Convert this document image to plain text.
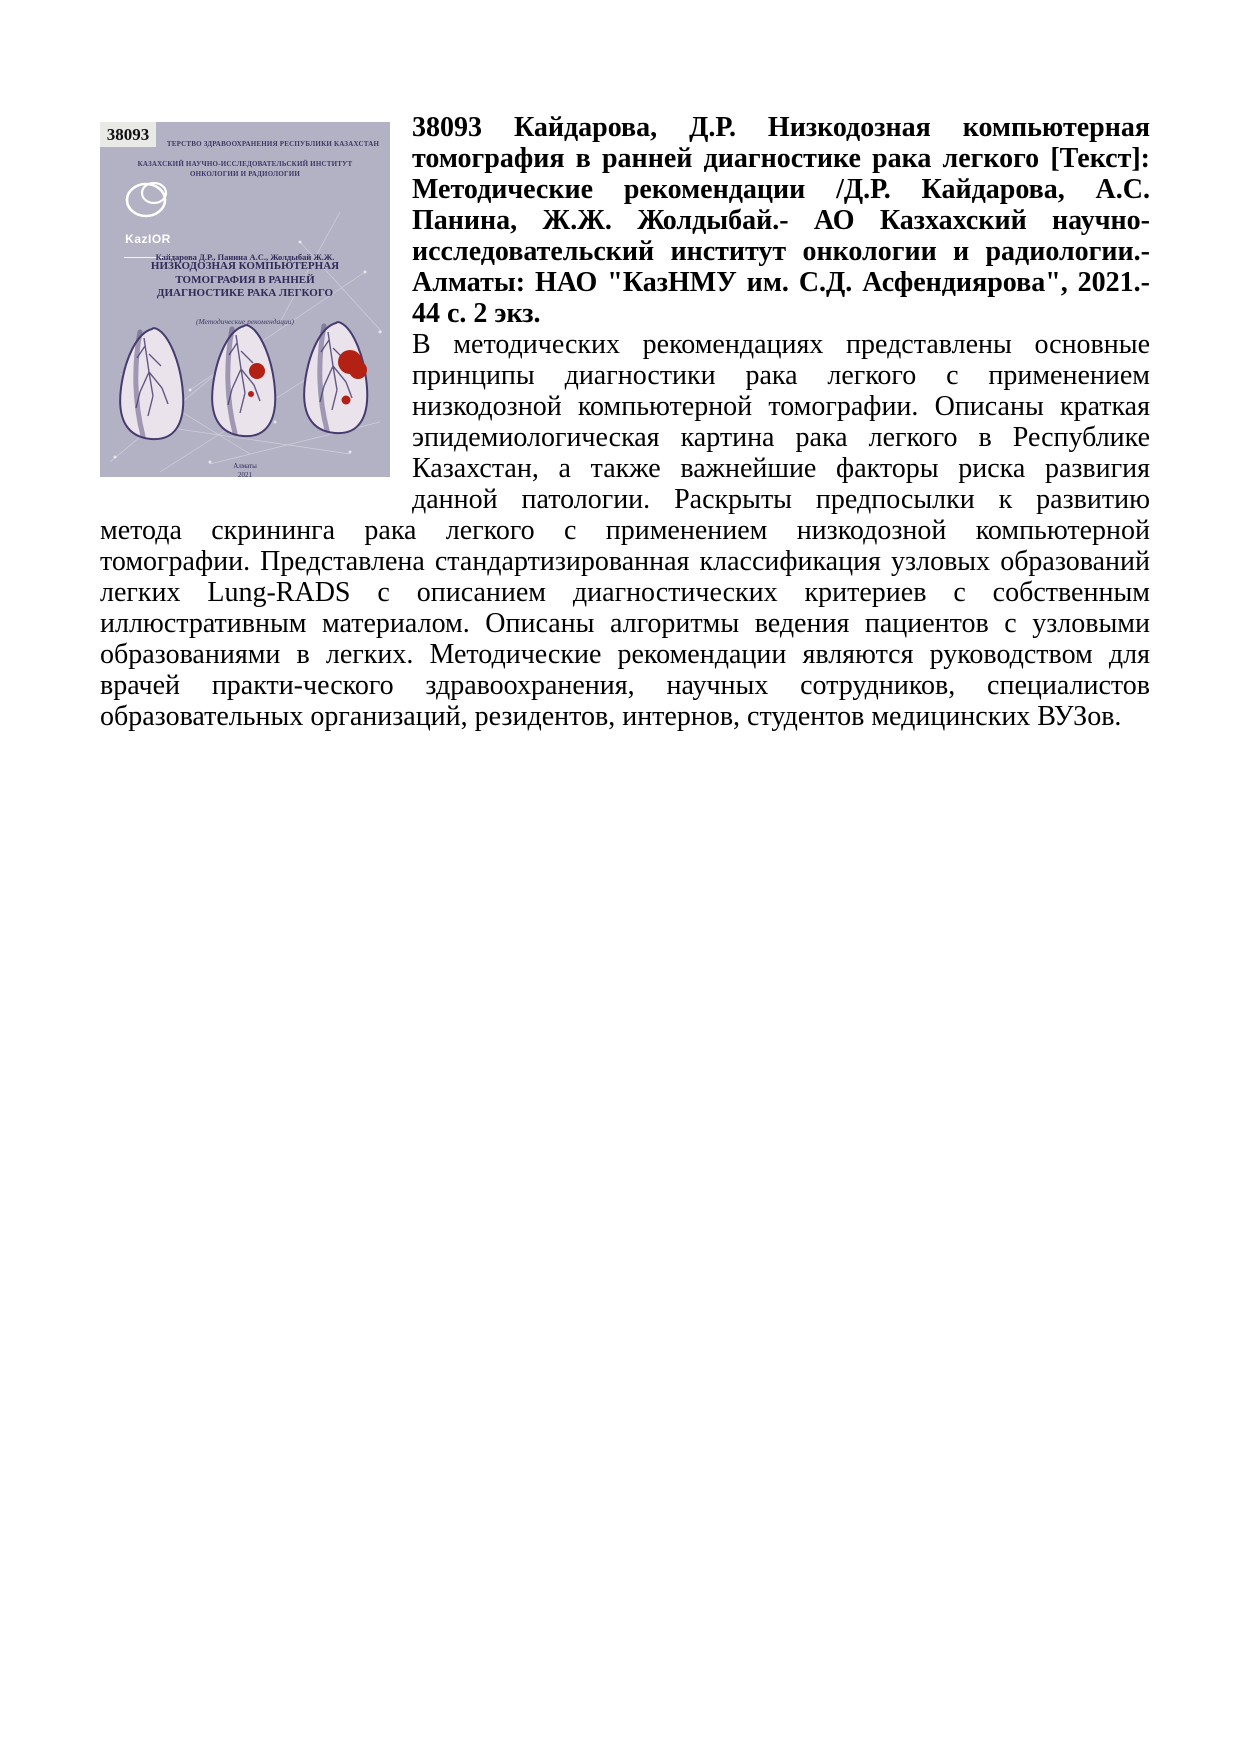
38093	ТЕРСТВО ЗДРАВООХРАНЕНИЯ РЕСПУБЛИКИ КАЗАХСТАН
КАЗАХСКИЙ НАУЧНО-ИССЛЕДОВАТЕЛЬСКИЙ ИНСТИТУТ
ОНКОЛОГИИ И РАДИОЛОГИИ
KazIOR
Кайдарова Д.Р., Панина А.С., Жолдыбай Ж.Ж.
НИЗКОДОЗНАЯ КОМПЬЮТЕРНАЯ ТОМОГРАФИЯ В РАННЕЙ ДИАГНОСТИКЕ РАКА ЛЕГКОГО
(Методические рекомендации)
Алматы
2021

38093 Кайдарова, Д.Р. Низкодозная компьютерная томография в ранней диагностике рака легкого [Текст]: Методические рекомендации /Д.Р. Кайдарова, А.С. Панина, Ж.Ж. Жолдыбай.- АО Казхахский научно-исследовательский институт онкологии и радиологии.- Алматы: НАО "КазНМУ им. С.Д. Асфендиярова", 2021.- 44 с. 2 экз.

В методических рекомендациях представлены основные принципы диагностики рака легкого с применением низкодозной компьютерной томографии. Описаны краткая эпидемиологическая картина рака легкого в Республике Казахстан, а также важнейшие факторы риска развигия данной патологии. Раскрыты предпосылки к развитию метода скрининга рака легкого с применением низкодозной компьютерной томографии. Представлена стандартизированная классификация узловых образований легких Lung-RADS с описанием диагностических критериев с собственным иллюстративным материалом. Описаны алгоритмы ведения пациентов с узловыми образованиями в легких. Методические рекомендации являются руководством для врачей практи-ческого здравоохранения, научных сотрудников, специалистов образовательных организаций, резидентов, интернов, студентов медицинских ВУЗов.
